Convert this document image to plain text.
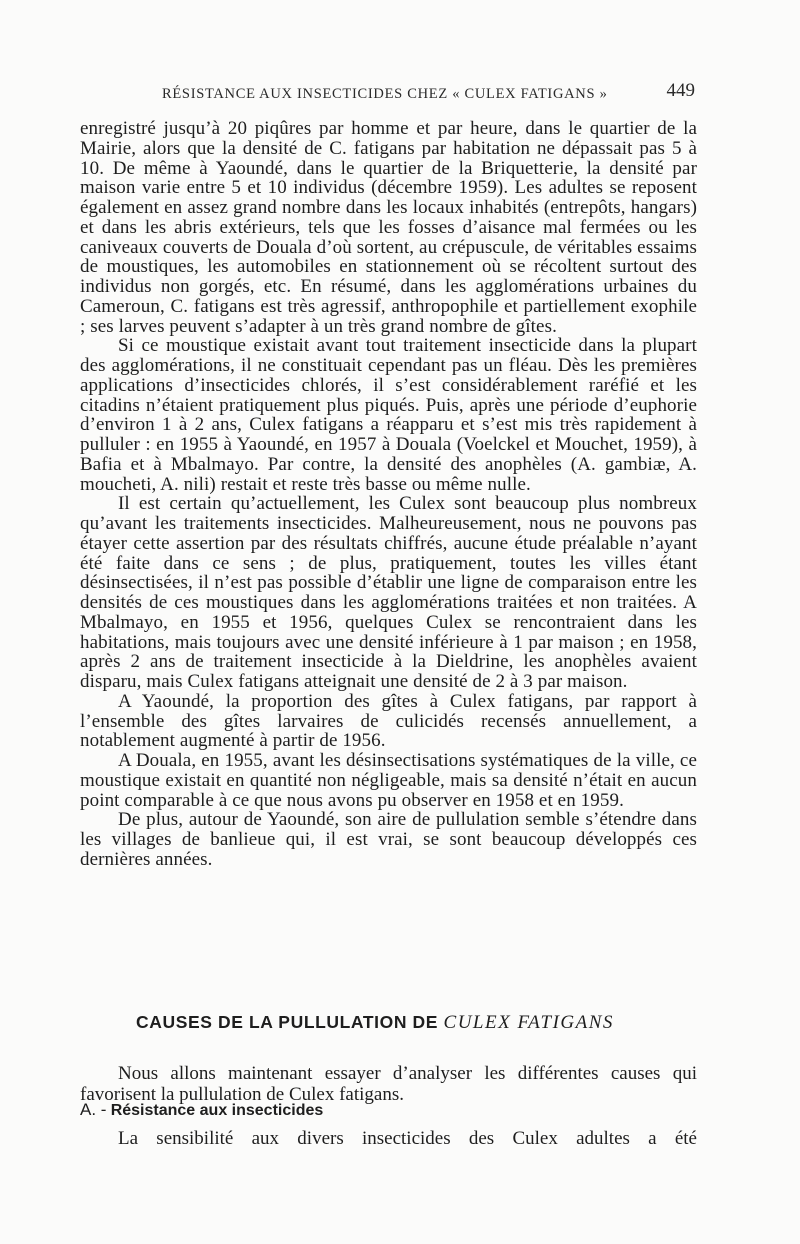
RÉSISTANCE AUX INSECTICIDES CHEZ « CULEX FATIGANS »	449

enregistré jusqu’à 20 piqûres par homme et par heure, dans le quartier de la Mairie, alors que la densité de C. fatigans par habitation ne dépassait pas 5 à 10. De même à Yaoundé, dans le quartier de la Briquetterie, la densité par maison varie entre 5 et 10 individus (décembre 1959). Les adultes se reposent également en assez grand nombre dans les locaux inhabités (entrepôts, hangars) et dans les abris extérieurs, tels que les fosses d’aisance mal fermées ou les caniveaux couverts de Douala d’où sortent, au crépuscule, de véritables essaims de moustiques, les automobiles en stationnement où se récoltent surtout des individus non gorgés, etc. En résumé, dans les agglomérations urbaines du Cameroun, C. fatigans est très agressif, anthropophile et partiellement exophile ; ses larves peuvent s’adapter à un très grand nombre de gîtes.

Si ce moustique existait avant tout traitement insecticide dans la plupart des agglomérations, il ne constituait cependant pas un fléau. Dès les premières applications d’insecticides chlorés, il s’est considérablement raréfié et les citadins n’étaient pratiquement plus piqués. Puis, après une période d’euphorie d’environ 1 à 2 ans, Culex fatigans a réapparu et s’est mis très rapidement à pulluler : en 1955 à Yaoundé, en 1957 à Douala (Voelckel et Mouchet, 1959), à Bafia et à Mbalmayo. Par contre, la densité des anophèles (A. gambiæ, A. moucheti, A. nili) restait et reste très basse ou même nulle.

Il est certain qu’actuellement, les Culex sont beaucoup plus nombreux qu’avant les traitements insecticides. Malheureusement, nous ne pouvons pas étayer cette assertion par des résultats chiffrés, aucune étude préalable n’ayant été faite dans ce sens ; de plus, pratiquement, toutes les villes étant désinsectisées, il n’est pas possible d’établir une ligne de comparaison entre les densités de ces moustiques dans les agglomérations traitées et non traitées. A Mbalmayo, en 1955 et 1956, quelques Culex se rencontraient dans les habitations, mais toujours avec une densité inférieure à 1 par maison ; en 1958, après 2 ans de traitement insecticide à la Dieldrine, les anophèles avaient disparu, mais Culex fatigans atteignait une densité de 2 à 3 par maison.

A Yaoundé, la proportion des gîtes à Culex fatigans, par rapport à l’ensemble des gîtes larvaires de culicidés recensés annuellement, a notablement augmenté à partir de 1956.

A Douala, en 1955, avant les désinsectisations systématiques de la ville, ce moustique existait en quantité non négligeable, mais sa densité n’était en aucun point comparable à ce que nous avons pu observer en 1958 et en 1959.

De plus, autour de Yaoundé, son aire de pullulation semble s’étendre dans les villages de banlieue qui, il est vrai, se sont beaucoup développés ces dernières années.

CAUSES DE LA PULLULATION DE CULEX FATIGANS

Nous allons maintenant essayer d’analyser les différentes causes qui favorisent la pullulation de Culex fatigans.

A. - Résistance aux insecticides
La sensibilité aux divers insecticides des Culex adultes a été
